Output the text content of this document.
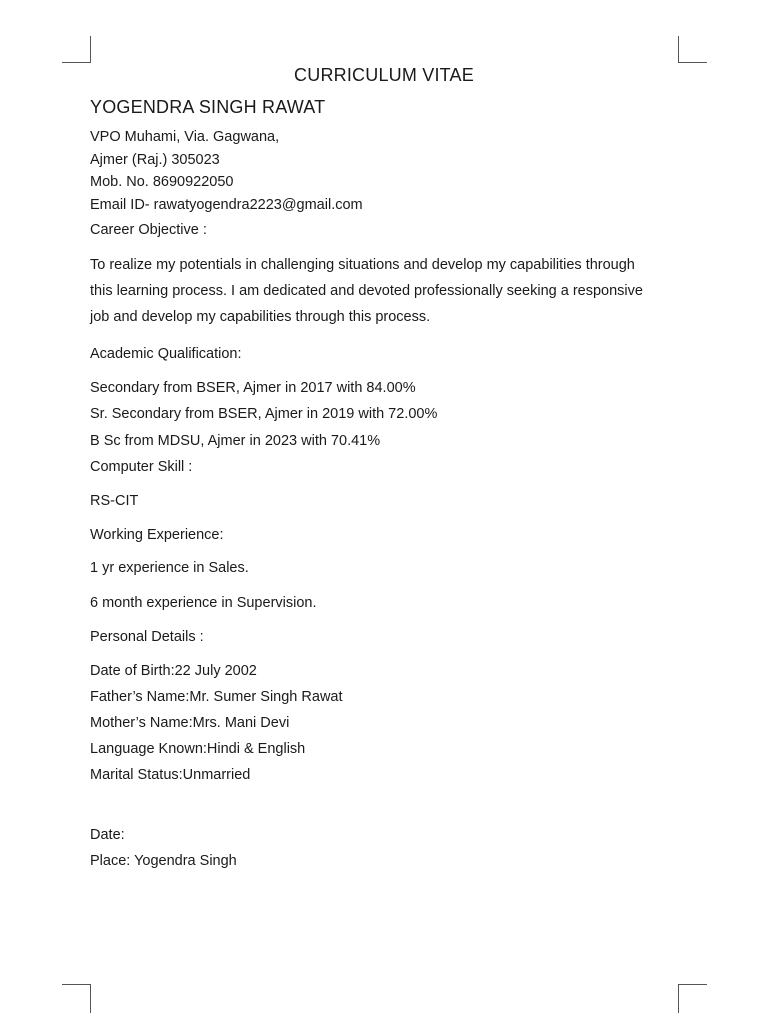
CURRICULUM VITAE
YOGENDRA SINGH RAWAT
VPO Muhami, Via. Gagwana,
Ajmer (Raj.) 305023
Mob. No. 8690922050
Email ID- rawatyogendra2223@gmail.com
Career Objective :
To realize my potentials in challenging situations and develop my capabilities through
this learning process. I am dedicated and devoted professionally seeking a responsive
job and develop my capabilities through this process.
Academic Qualification:
Secondary from BSER, Ajmer in 2017 with 84.00%
Sr. Secondary from BSER, Ajmer in 2019 with 72.00%
B Sc from MDSU, Ajmer in 2023 with 70.41%
Computer Skill :
RS-CIT
Working Experience:
1 yr experience in Sales.
6 month experience in Supervision.
Personal Details :
Date of Birth:22 July 2002
Father’s Name:Mr. Sumer Singh Rawat
Mother’s Name:Mrs. Mani Devi
Language Known:Hindi & English
Marital Status:Unmarried
Date:
Place: Yogendra Singh
